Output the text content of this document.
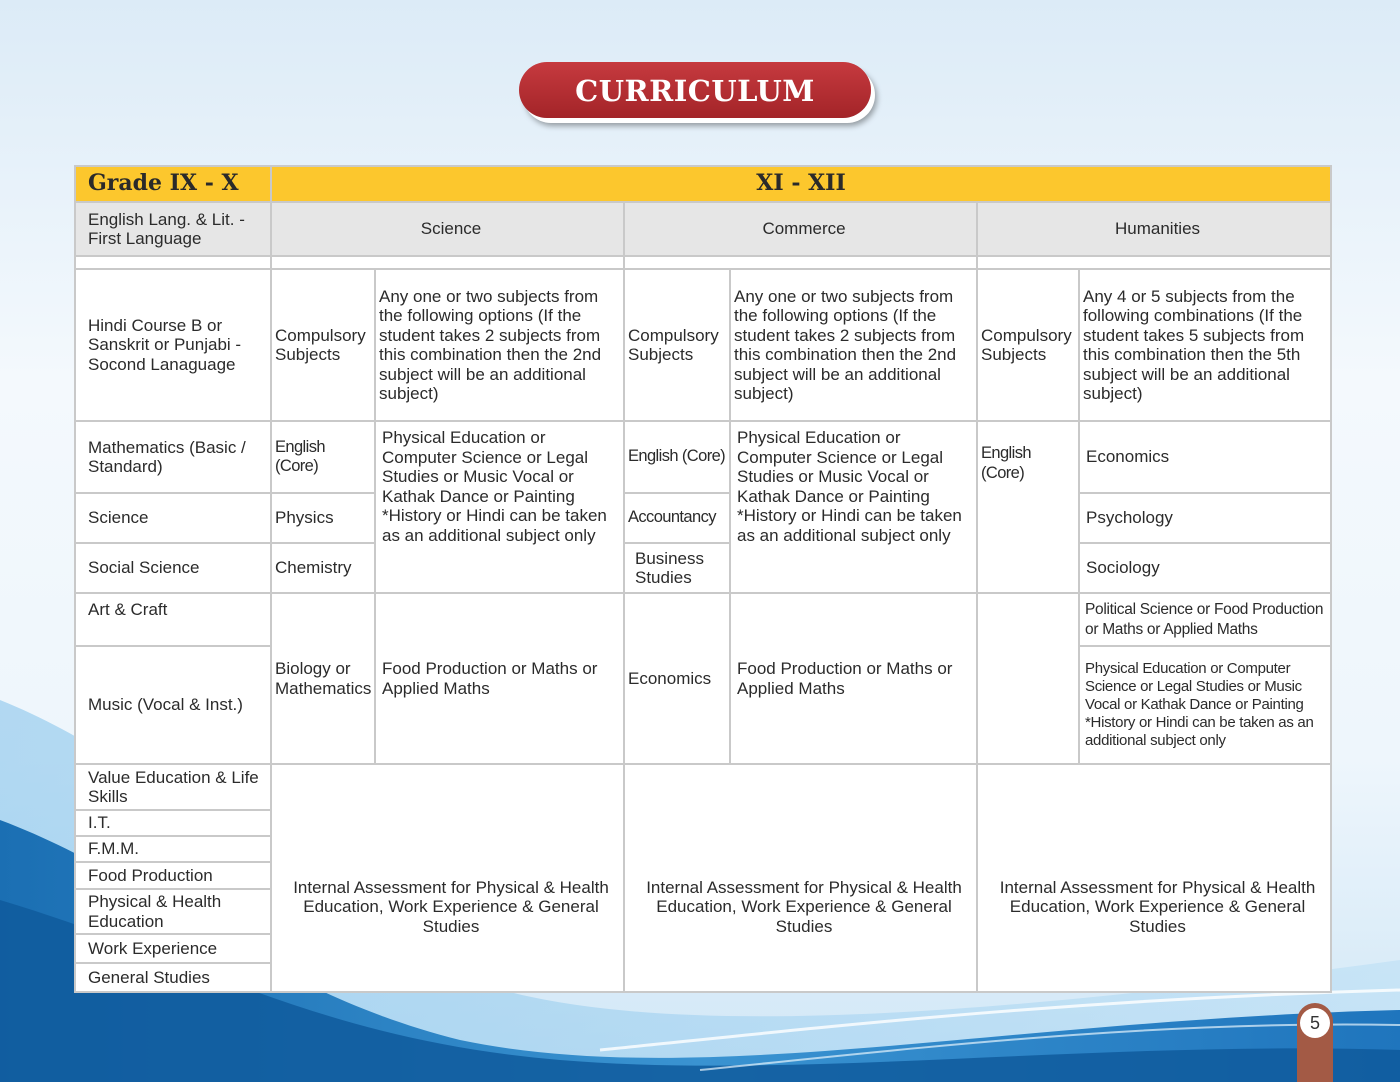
CURRICULUM
Grade IX - X	XI - XII					
English Lang. & Lit. - First Language	Science		Commerce		Humanities	

Hindi Course B or Sanskrit or Punjabi - Socond Lanaguage	Compulsory Subjects	Any one or two subjects from the following options (If the student takes 2 subjects from this combination then the 2nd subject will be an additional subject)	Compulsory Subjects	Any one or two subjects from the following options (If the student takes 2 subjects from this combination then the 2nd subject will be an additional subject)	Compulsory Subjects	Any 4 or 5 subjects from the following combinations (If the student takes 5 subjects from this combination then the 5th subject will be an additional subject)
Mathematics (Basic / Standard)	English (Core)	Physical Education or Computer Science or Legal Studies or Music Vocal or Kathak Dance or Painting *History or Hindi can be taken as an additional subject only	English (Core)	Physical Education or Computer Science or Legal Studies or Music Vocal or Kathak Dance or Painting *History or Hindi can be taken as an additional subject only	English (Core)	Economics
Science	Physics		Accountancy			Psychology
Social Science	Chemistry		Business Studies			Sociology
Art & Craft	Biology or Mathematics	Food Production or Maths or Applied Maths	Economics	Food Production or Maths or Applied Maths		Political Science or Food Production or Maths or Applied Maths
Music (Vocal & Inst.)						Physical Education or Computer Science or Legal Studies or Music Vocal or Kathak Dance or Painting *History or Hindi can be taken as an additional subject only
Value Education & Life Skills	Internal Assessment for Physical & Health Education, Work Experience & General Studies		Internal Assessment for Physical & Health Education, Work Experience & General Studies		Internal Assessment for Physical & Health Education, Work Experience & General Studies	
I.T.						
F.M.M.						
Food Production						
Physical & Health Education						
Work Experience						
General Studies						
5
